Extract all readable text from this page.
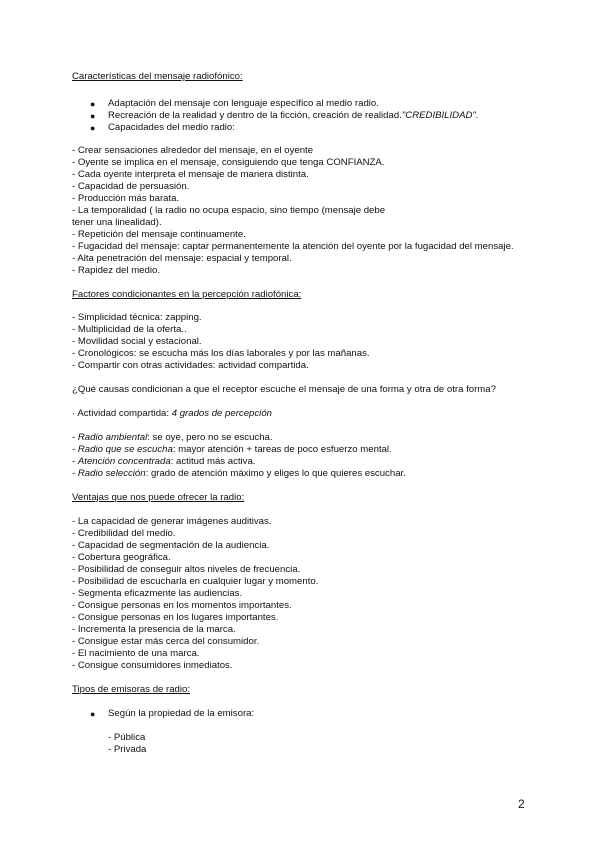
Características del mensaje radiofónico:
● Adaptación del mensaje con lenguaje específico al medio radio.
● Recreación de la realidad y dentro de la ficción, creación de realidad."CREDIBILIDAD".
● Capacidades del medio radio:
- Crear sensaciones alrededor del mensaje, en el oyente
- Oyente se implica en el mensaje, consiguiendo que tenga CONFIANZA.
- Cada oyente interpreta el mensaje de manera distinta.
- Capacidad de persuasión.
- Producción más barata.
- La temporalidad ( la radio no ocupa espacio, sino tiempo (mensaje debe
tener una linealidad).
- Repetición del mensaje continuamente.
- Fugacidad del mensaje: captar permanentemente la atención del oyente por la fugacidad del mensaje.
- Alta penetración del mensaje: espacial y temporal.
- Rapidez del medio.
Factores condicionantes en la percepción radiofónica:
- Simplicidad técnica: zapping.
- Multiplicidad de la oferta..
- Movilidad social y estacional.
- Cronológicos: se escucha más los días laborales y por las mañanas.
- Compartir con otras actividades: actividad compartida.
¿Qué causas condicionan a que el receptor escuche el mensaje de una forma y otra de otra forma?
· Actividad compartida: 4 grados de percepción
- Radio ambiental: se oye, pero no se escucha.
- Radio que se escucha: mayor atención + tareas de poco esfuerzo mental.
- Atención concentrada: actitud más activa.
- Radio selección: grado de atención máximo y eliges lo que quieres escuchar.
Ventajas que nos puede ofrecer la radio:
- La capacidad de generar imágenes auditivas.
- Credibilidad del medio.
- Capacidad de segmentación de la audiencia.
- Cobertura geográfica.
- Posibilidad de conseguir altos niveles de frecuencia.
- Posibilidad de escucharla en cualquier lugar y momento.
- Segmenta eficazmente las audiencias.
- Consigue personas en los momentos importantes.
- Consigue personas en los lugares importantes.
- Incrementa la presencia de la marca.
- Consigue estar más cerca del consumidor.
- El nacimiento de una marca.
- Consigue consumidores inmediatos.
Tipos de emisoras de radio:
● Según la propiedad de la emisora:
- Pública
- Privada
2
